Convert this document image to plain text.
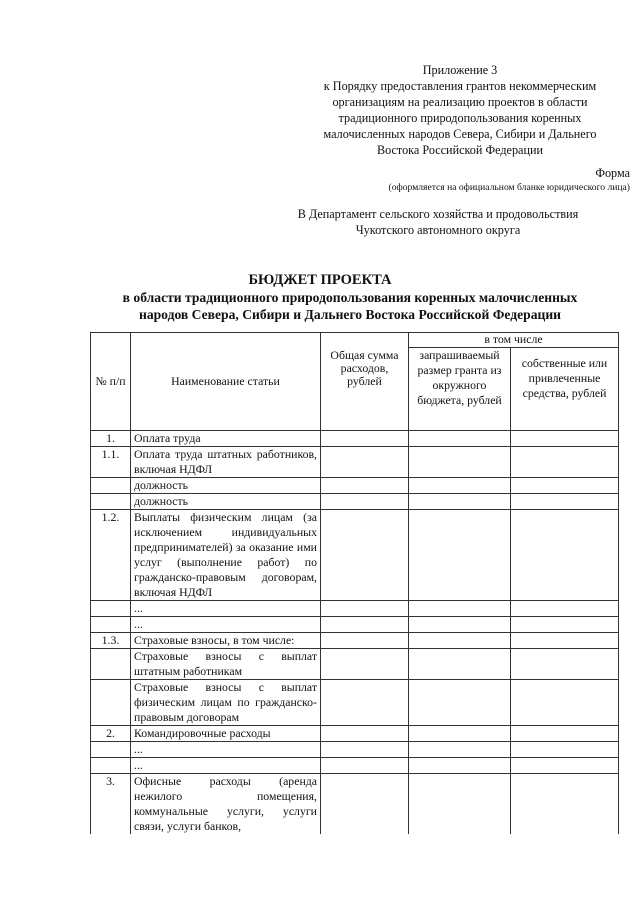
Приложение 3
к Порядку предоставления грантов некоммерческим
организациям на реализацию проектов в области
традиционного природопользования коренных
малочисленных народов Севера, Сибири и Дальнего
Востока Российской Федерации
Форма
(оформляется на официальном бланке юридического лица)
В Департамент сельского хозяйства и продовольствия
Чукотского автономного округа
БЮДЖЕТ ПРОЕКТА
в области традиционного природопользования коренных малочисленных
народов Севера, Сибири и Дальнего Востока Российской Федерации
№ п/п	Наименование статьи	Общая сумма расходов, рублей	в том числе	
			запрашиваемый размер гранта из окружного бюджета, рублей	собственные или привлеченные средства, рублей
1.	Оплата труда			
1.1.	Оплата труда штатных работников, включая НДФЛ			
	должность			
	должность			
1.2.	Выплаты физическим лицам (за исключением индивидуальных предпринимателей) за оказание ими услуг (выполнение работ) по гражданско-правовым договорам, включая НДФЛ			
	...			
	...			
1.3.	Страховые взносы, в том числе:			
	Страховые взносы с выплат штатным работникам			
	Страховые взносы с выплат физическим лицам по гражданско-правовым договорам			
2.	Командировочные расходы			
	...			
	...			
3.	Офисные расходы (аренда нежилого помещения, коммунальные услуги, услуги связи, услуги банков,			
